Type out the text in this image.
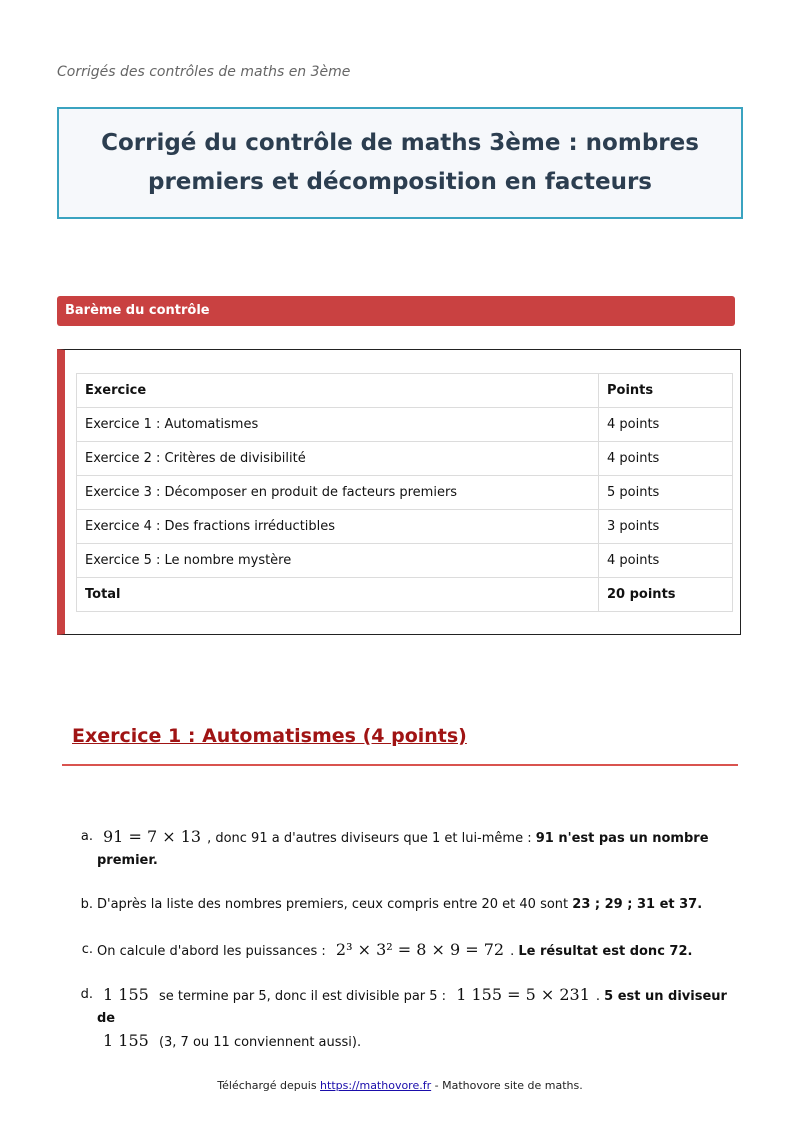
Corrigés des contrôles de maths en 3ème
Corrigé du contrôle de maths 3ème : nombres premiers et décomposition en facteurs
Barème du contrôle
Exercice	Points
Exercice 1 : Automatismes	4 points
Exercice 2 : Critères de divisibilité	4 points
Exercice 3 : Décomposer en produit de facteurs premiers	5 points
Exercice 4 : Des fractions irréductibles	3 points
Exercice 5 : Le nombre mystère	4 points
Total	20 points
Exercice 1 : Automatismes (4 points)
a. 91 = 7 × 13 , donc 91 a d'autres diviseurs que 1 et lui-même : 91 n'est pas un nombre premier.
b. D'après la liste des nombres premiers, ceux compris entre 20 et 40 sont 23 ; 29 ; 31 et 37.
c. On calcule d'abord les puissances : 2³ × 3² = 8 × 9 = 72 . Le résultat est donc 72.
d. 1 155 se termine par 5, donc il est divisible par 5 : 1 155 = 5 × 231 . 5 est un diviseur de
1 155 (3, 7 ou 11 conviennent aussi).
Téléchargé depuis https://mathovore.fr - Mathovore site de maths.
